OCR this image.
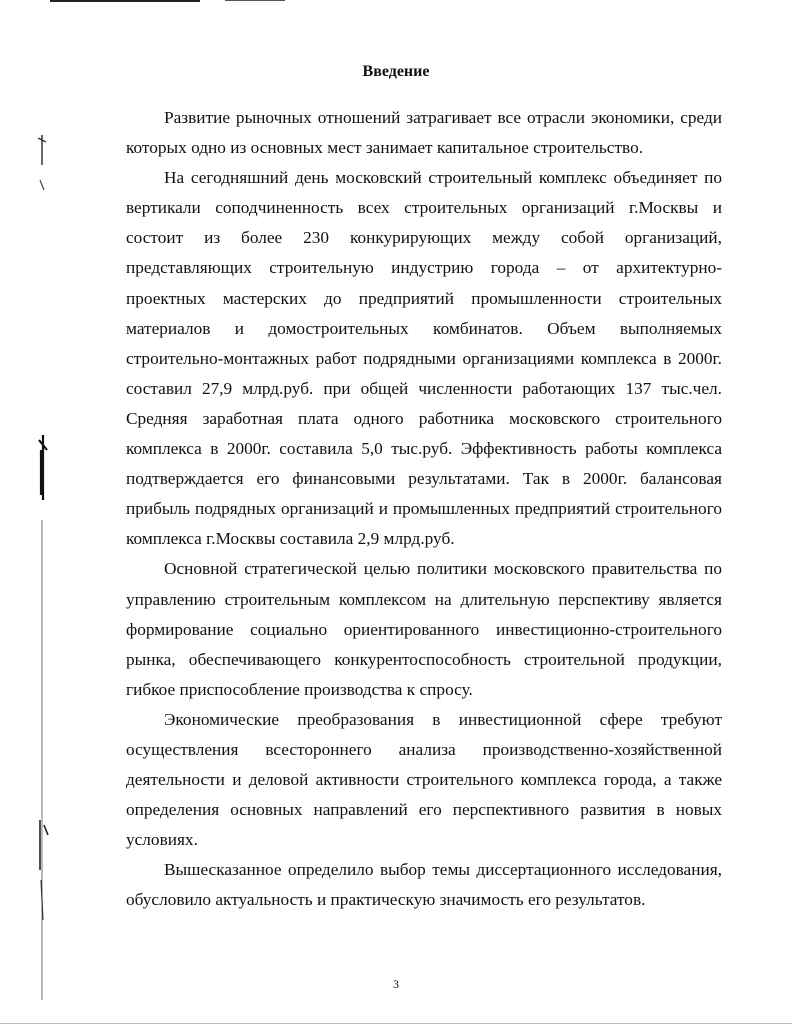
Введение

Развитие рыночных отношений затрагивает все отрасли экономики, среди которых одно из основных мест занимает капитальное строительство.

На сегодняшний день московский строительный комплекс объединяет по вертикали соподчиненность всех строительных организаций г.Москвы и состоит из более 230 конкурирующих между собой организаций, представляющих строительную индустрию города – от архитектурно-проектных мастерских до предприятий промышленности строительных материалов и домостроительных комбинатов. Объем выполняемых строительно-монтажных работ подрядными организациями комплекса в 2000г. составил 27,9 млрд.руб. при общей численности работающих 137 тыс.чел. Средняя заработная плата одного работника московского строительного комплекса в 2000г. составила 5,0 тыс.руб. Эффективность работы комплекса подтверждается его финансовыми результатами. Так в 2000г. балансовая прибыль подрядных организаций и промышленных предприятий строительного комплекса г.Москвы составила 2,9 млрд.руб.

Основной стратегической целью политики московского правительства по управлению строительным комплексом на длительную перспективу является формирование социально ориентированного инвестиционно-строительного рынка, обеспечивающего конкурентоспособность строительной продукции, гибкое приспособление производства к спросу.

Экономические преобразования в инвестиционной сфере требуют осуществления всестороннего анализа производственно-хозяйственной деятельности и деловой активности строительного комплекса города, а также определения основных направлений его перспективного развития в новых условиях.

Вышесказанное определило выбор темы диссертационного исследования, обусловило актуальность и практическую значимость его результатов.

3
